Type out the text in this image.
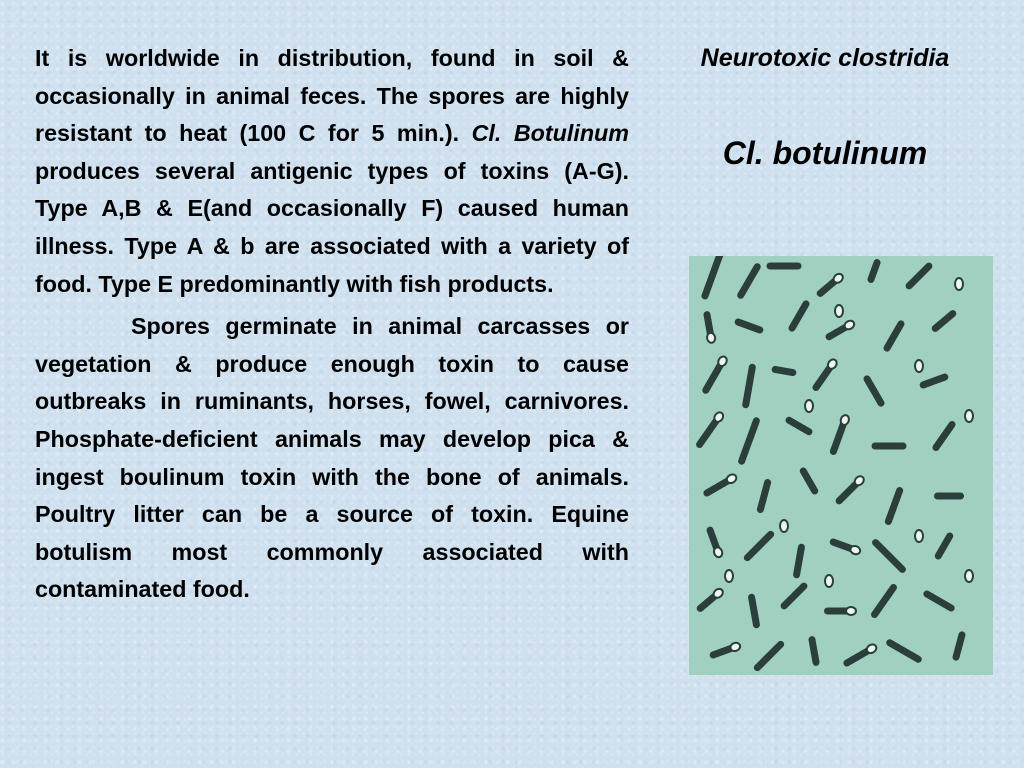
It is worldwide in distribution, found in soil & occasionally in animal feces. The spores are highly resistant to heat (100 C for 5 min.). Cl. Botulinum produces several antigenic types of toxins (A-G). Type A,B & E(and occasionally F) caused human illness. Type A & b are associated with a variety of food. Type E predominantly with fish products.

Spores germinate in animal carcasses or vegetation & produce enough toxin to cause outbreaks in ruminants, horses, fowel, carnivores. Phosphate-deficient animals may develop pica & ingest boulinum toxin with the bone of animals. Poultry litter can be a source of toxin. Equine botulism most commonly associated with contaminated food.

Neurotoxic clostridia
Cl. botulinum
